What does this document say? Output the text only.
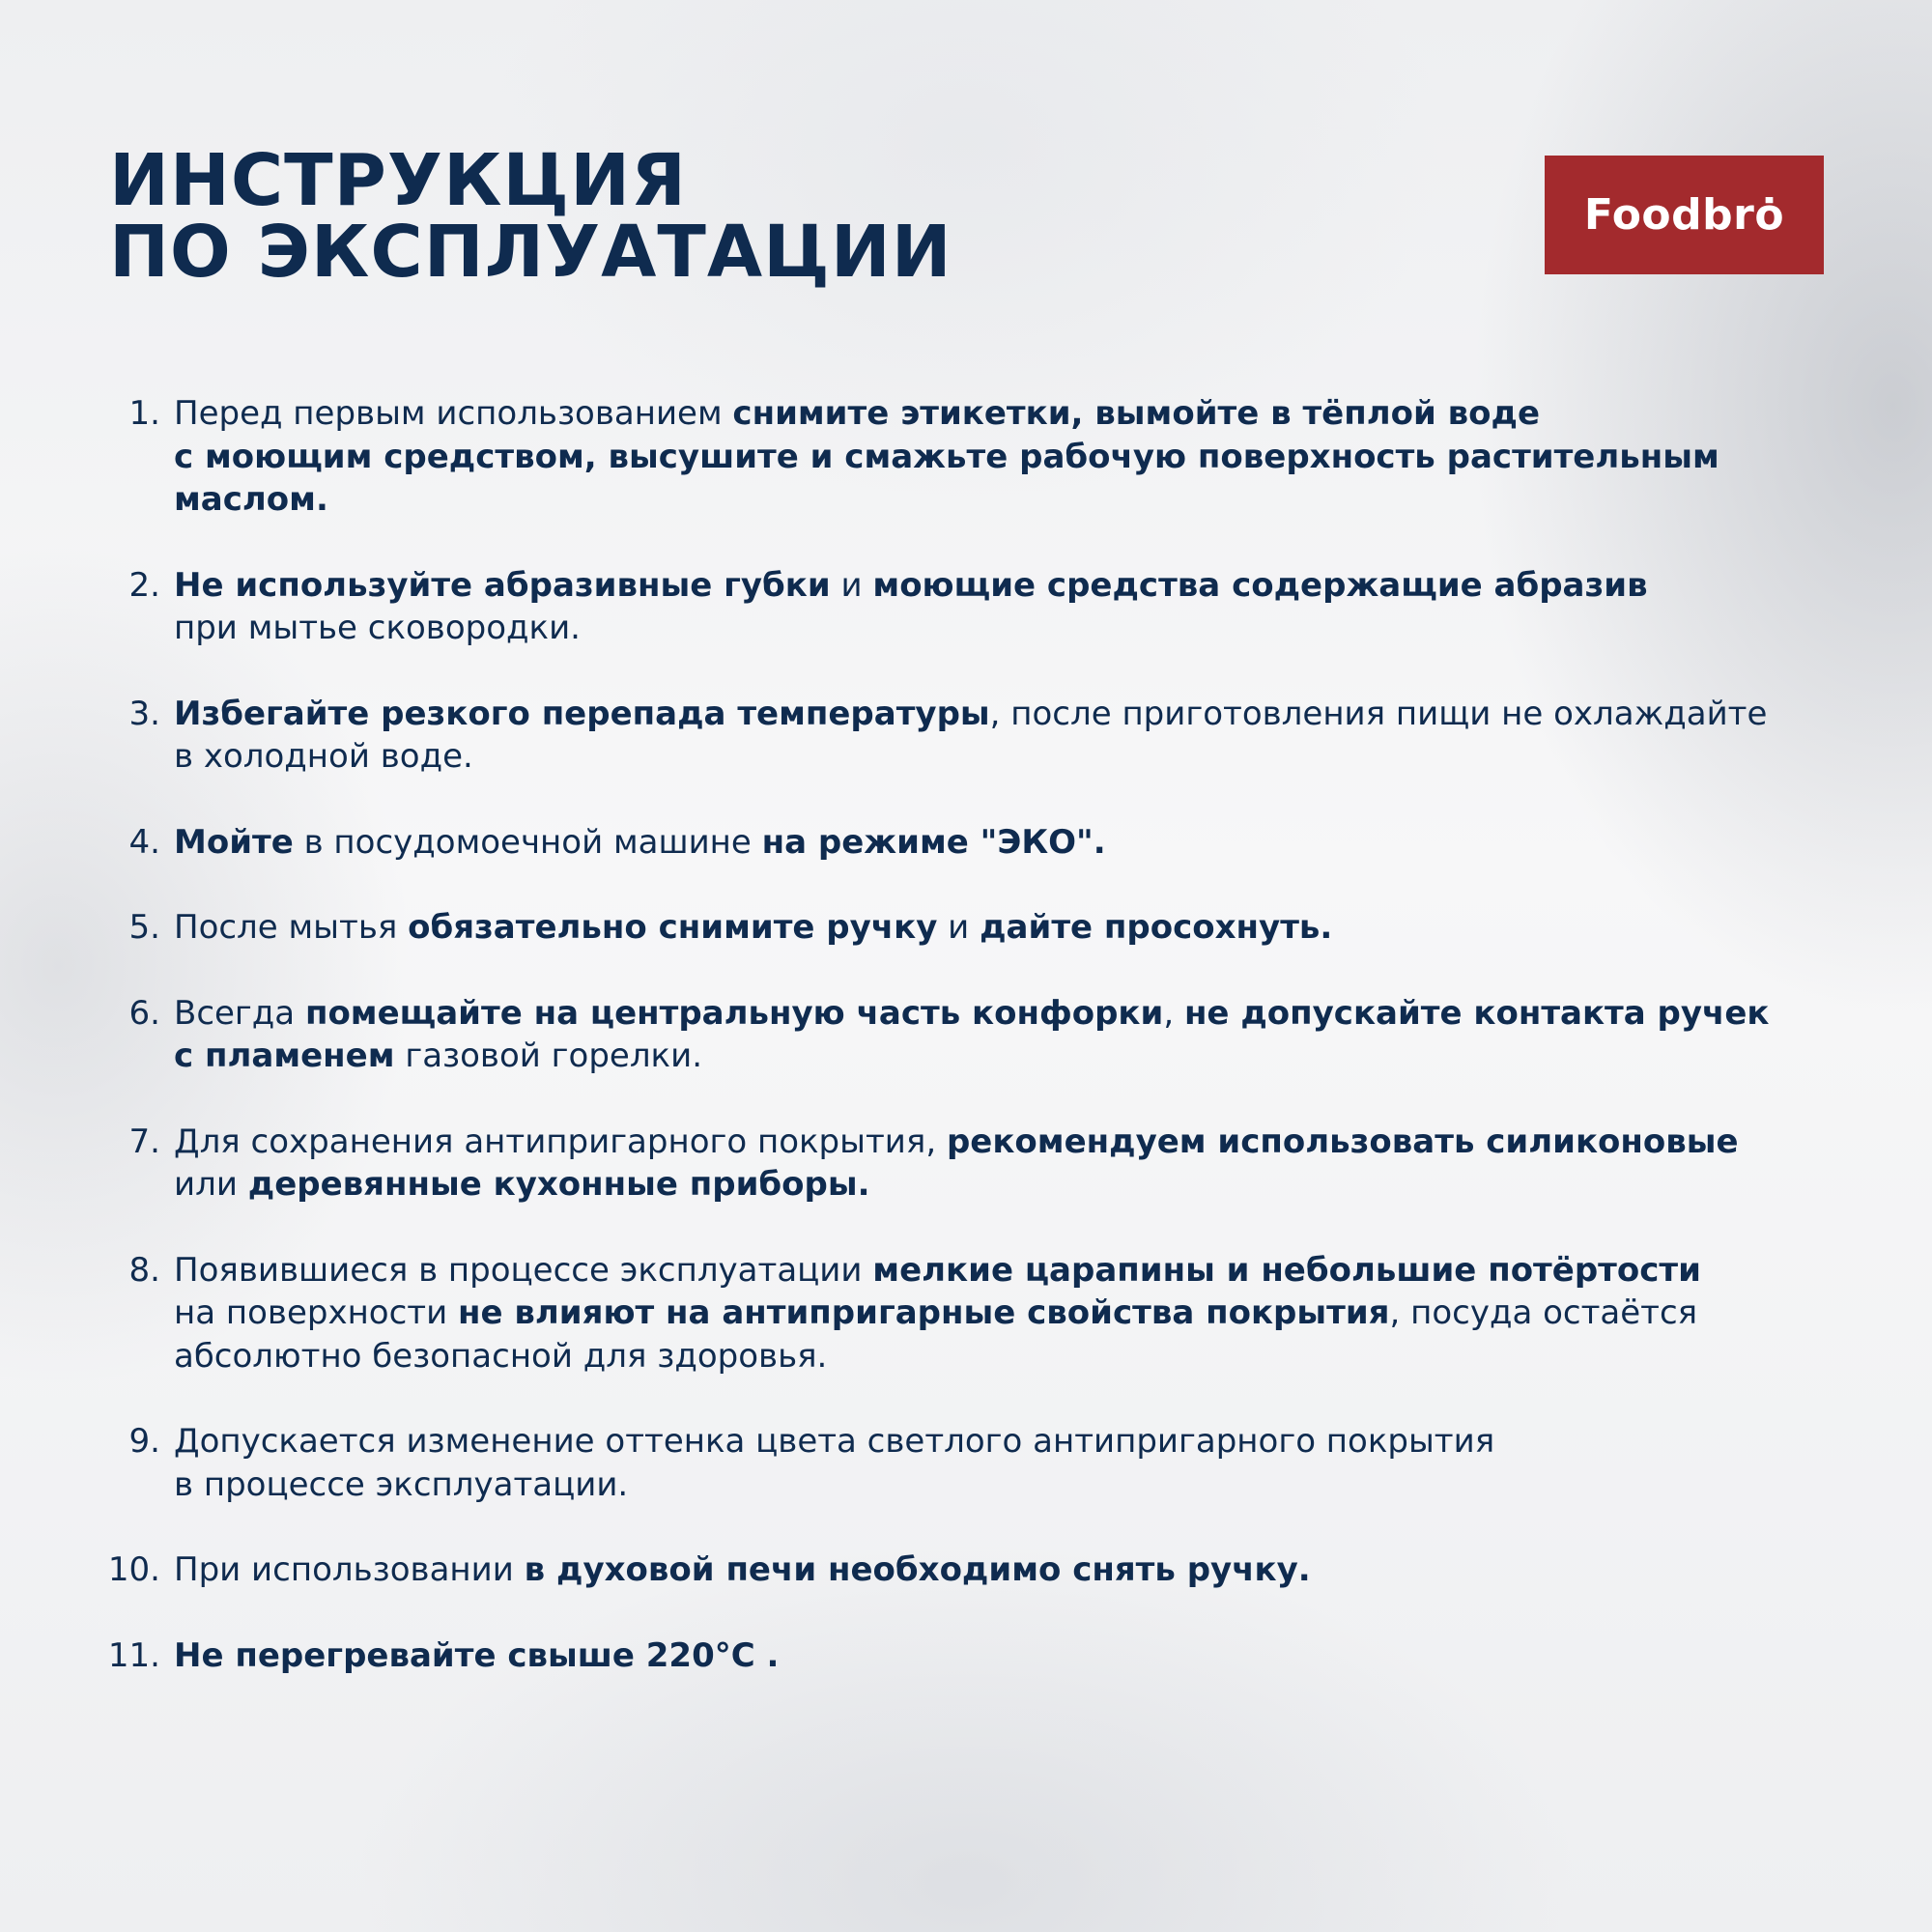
ИНСТРУКЦИЯ
ПО ЭКСПЛУАТАЦИИ	Foodbrȯ
1. Перед первым использованием снимите этикетки, вымойте в тёплой воде
с моющим средством, высушите и смажьте рабочую поверхность растительным маслом.
2. Не используйте абразивные губки и моющие средства содержащие абразив
при мытье сковородки.
3. Избегайте резкого перепада температуры, после приготовления пищи не охлаждайте
в холодной воде.
4. Мойте в посудомоечной машине на режиме "ЭКО".
5. После мытья обязательно снимите ручку и дайте просохнуть.
6. Всегда помещайте на центральную часть конфорки, не допускайте контакта ручек
с пламенем газовой горелки.
7. Для сохранения антипригарного покрытия, рекомендуем использовать силиконовые
или деревянные кухонные приборы.
8. Появившиеся в процессе эксплуатации мелкие царапины и небольшие потёртости
на поверхности не влияют на антипригарные свойства покрытия, посуда остаётся
абсолютно безопасной для здоровья.
9. Допускается изменение оттенка цвета светлого антипригарного покрытия
в процессе эксплуатации.
10. При использовании в духовой печи необходимо снять ручку.
11. Не перегревайте свыше 220°C .
